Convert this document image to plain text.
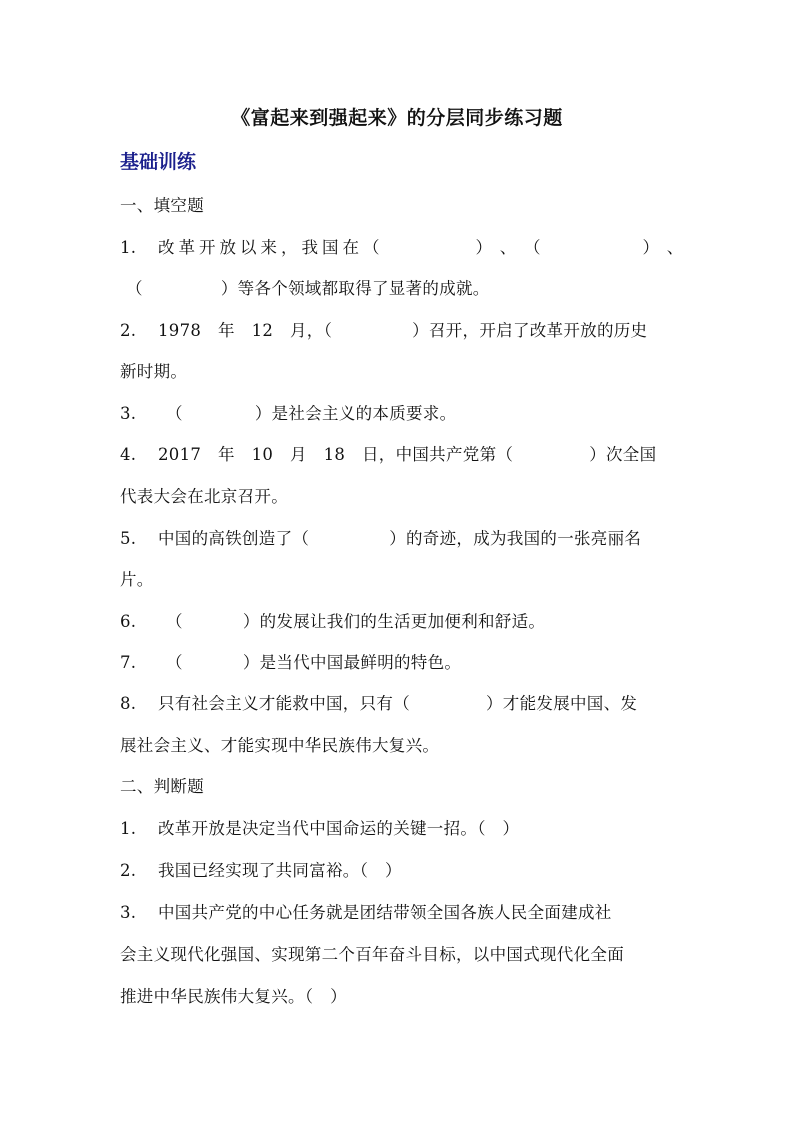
《富起来到强起来》的分层同步练习题
基础训练
一、填空题
1. 改革开放以来，我国在（	）、（	）、
（	）等各个领域都取得了显著的成就。
2. 1978　年　12　月，（	）召开，开启了改革开放的历史
新时期。
3. （	）是社会主义的本质要求。
4. 2017　年　10　月　18　日，中国共产党第（	）次全国
代表大会在北京召开。
5. 中国的高铁创造了（	）的奇迹，成为我国的一张亮丽名
片。
6. （	）的发展让我们的生活更加便利和舒适。
7. （	）是当代中国最鲜明的特色。
8. 只有社会主义才能救中国，只有（	）才能发展中国、发
展社会主义、才能实现中华民族伟大复兴。
二、判断题
1. 改革开放是决定当代中国命运的关键一招。（　）
2. 我国已经实现了共同富裕。（　）
3. 中国共产党的中心任务就是团结带领全国各族人民全面建成社
会主义现代化强国、实现第二个百年奋斗目标，以中国式现代化全面
推进中华民族伟大复兴。（　）
